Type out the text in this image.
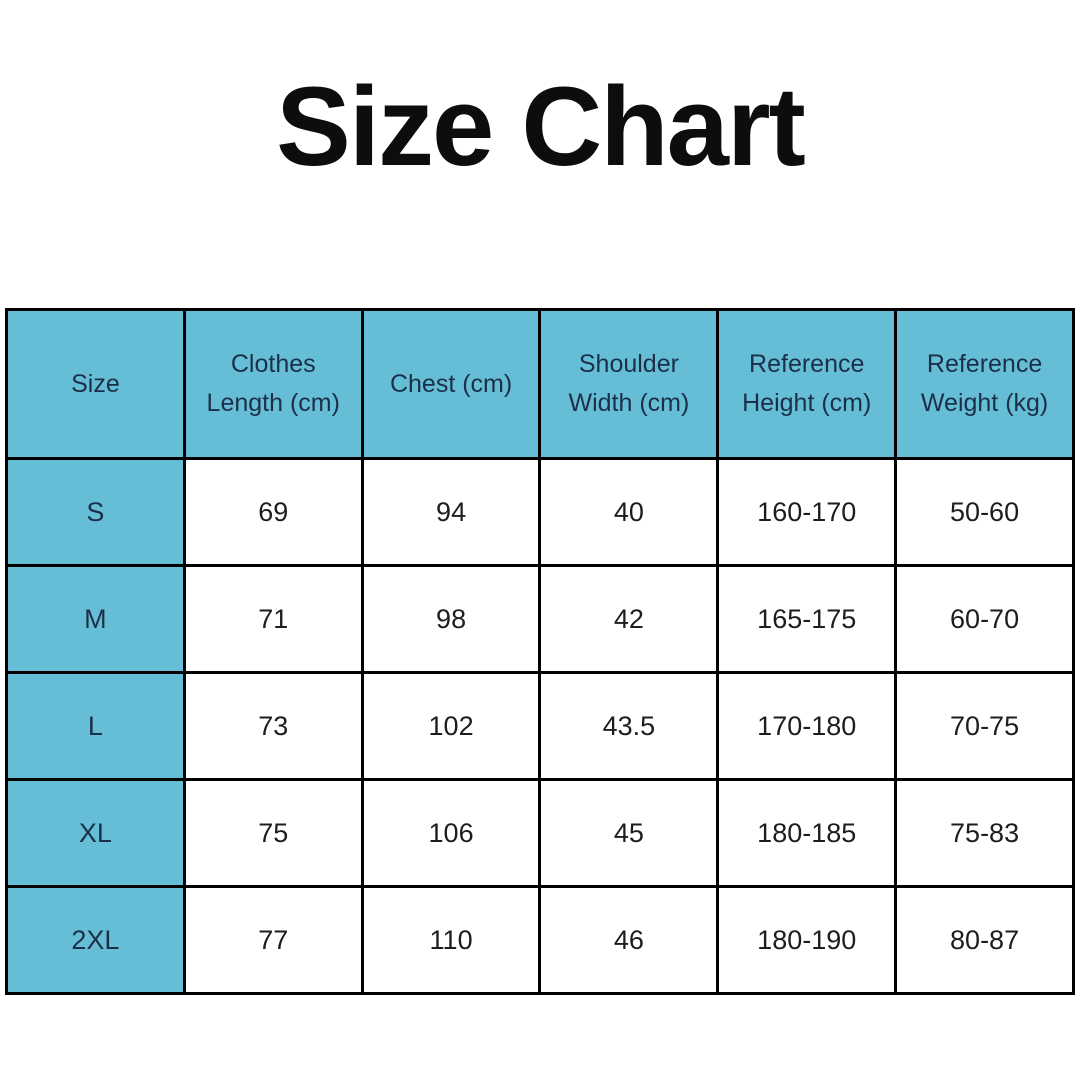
Size Chart
Size	Clothes Length (cm)	Chest (cm)	Shoulder Width (cm)	Reference Height (cm)	Reference Weight (kg)
S	69	94	40	160-170	50-60
M	71	98	42	165-175	60-70
L	73	102	43.5	170-180	70-75
XL	75	106	45	180-185	75-83
2XL	77	110	46	180-190	80-87
